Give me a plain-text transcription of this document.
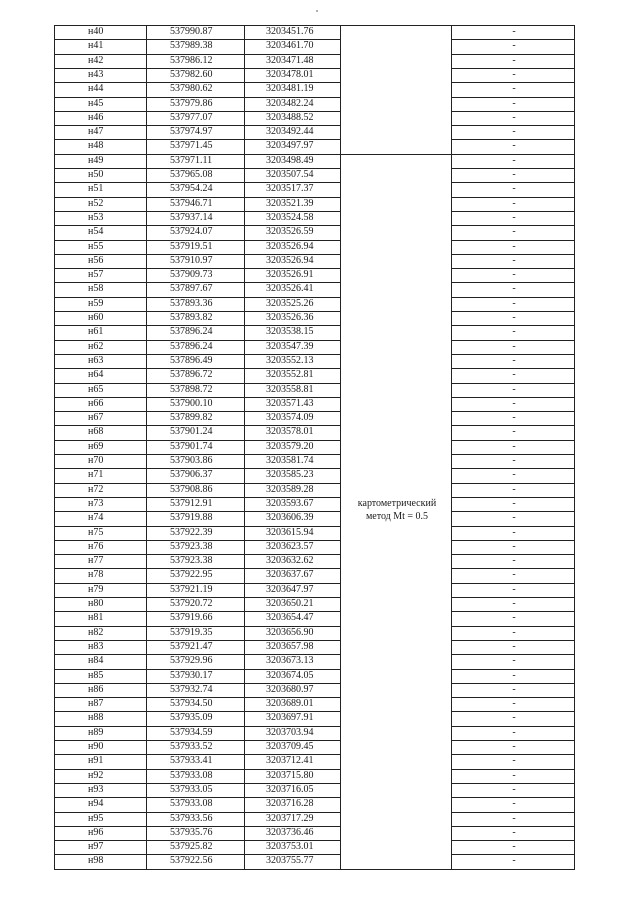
картометрический
метод Mt = 0.5
н40	537990.87	3203451.76	-
н41	537989.38	3203461.70	-
н42	537986.12	3203471.48	-
н43	537982.60	3203478.01	-
н44	537980.62	3203481.19	-
н45	537979.86	3203482.24	-
н46	537977.07	3203488.52	-
н47	537974.97	3203492.44	-
н48	537971.45	3203497.97	-
н49	537971.11	3203498.49	-
н50	537965.08	3203507.54	-
н51	537954.24	3203517.37	-
н52	537946.71	3203521.39	-
н53	537937.14	3203524.58	-
н54	537924.07	3203526.59	-
н55	537919.51	3203526.94	-
н56	537910.97	3203526.94	-
н57	537909.73	3203526.91	-
н58	537897.67	3203526.41	-
н59	537893.36	3203525.26	-
н60	537893.82	3203526.36	-
н61	537896.24	3203538.15	-
н62	537896.24	3203547.39	-
н63	537896.49	3203552.13	-
н64	537896.72	3203552.81	-
н65	537898.72	3203558.81	-
н66	537900.10	3203571.43	-
н67	537899.82	3203574.09	-
н68	537901.24	3203578.01	-
н69	537901.74	3203579.20	-
н70	537903.86	3203581.74	-
н71	537906.37	3203585.23	-
н72	537908.86	3203589.28	-
н73	537912.91	3203593.67	-
н74	537919.88	3203606.39	-
н75	537922.39	3203615.94	-
н76	537923.38	3203623.57	-
н77	537923.38	3203632.62	-
н78	537922.95	3203637.67	-
н79	537921.19	3203647.97	-
н80	537920.72	3203650.21	-
н81	537919.66	3203654.47	-
н82	537919.35	3203656.90	-
н83	537921.47	3203657.98	-
н84	537929.96	3203673.13	-
н85	537930.17	3203674.05	-
н86	537932.74	3203680.97	-
н87	537934.50	3203689.01	-
н88	537935.09	3203697.91	-
н89	537934.59	3203703.94	-
н90	537933.52	3203709.45	-
н91	537933.41	3203712.41	-
н92	537933.08	3203715.80	-
н93	537933.05	3203716.05	-
н94	537933.08	3203716.28	-
н95	537933.56	3203717.29	-
н96	537935.76	3203736.46	-
н97	537925.82	3203753.01	-
н98	537922.56	3203755.77	-
